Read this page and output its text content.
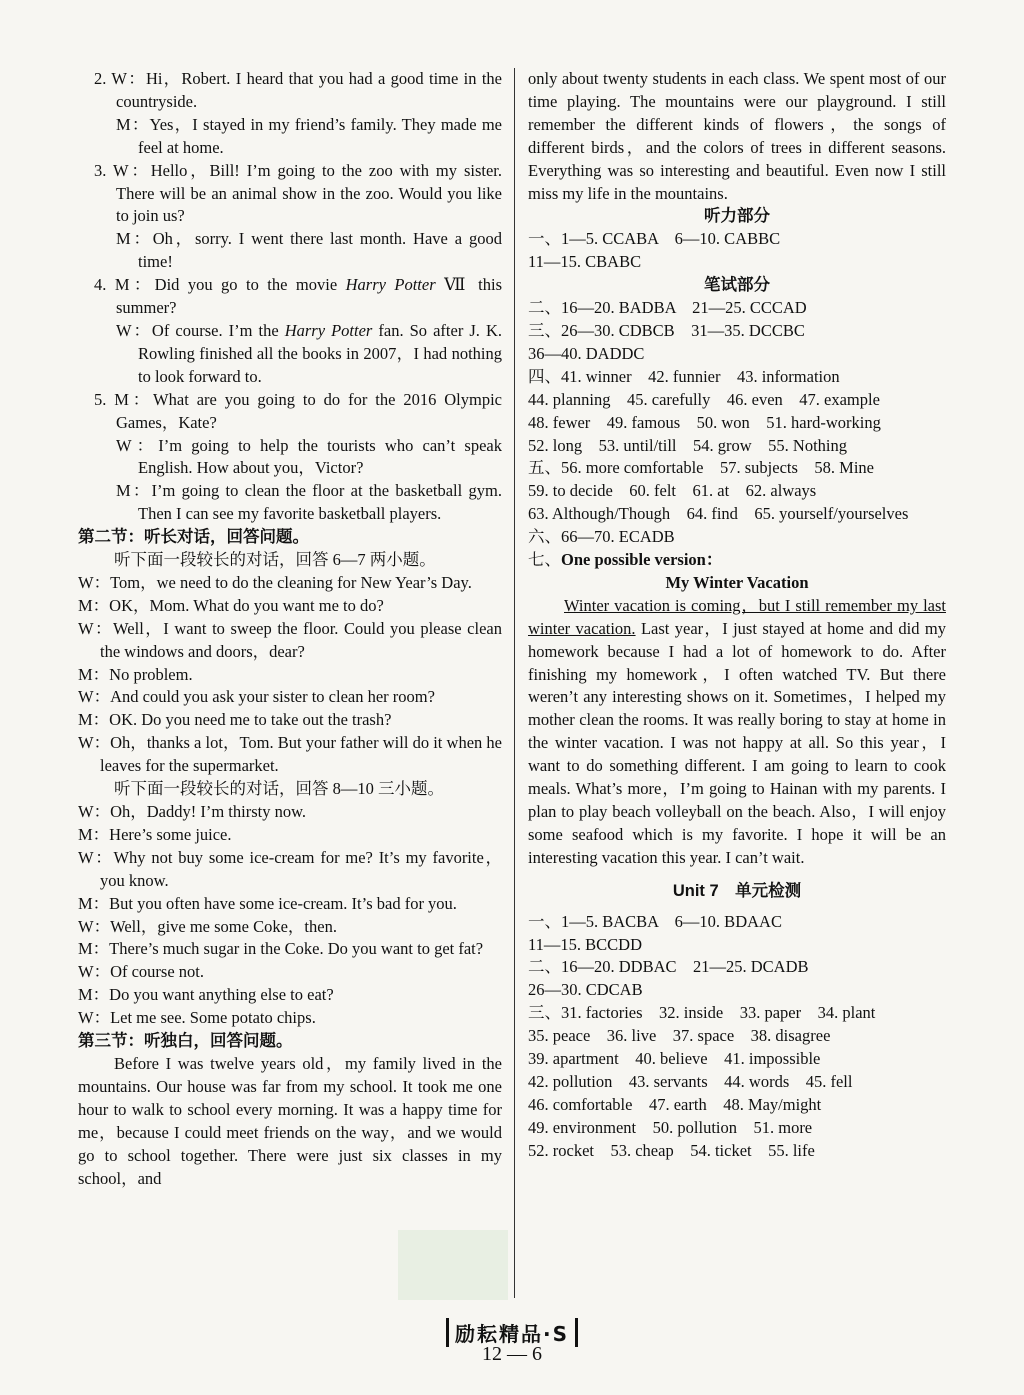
2. W：Hi，Robert. I heard that you had a good time in the countryside.

M：Yes，I stayed in my friend’s family. They made me feel at home.

3. W：Hello，Bill! I’m going to the zoo with my sister. There will be an animal show in the zoo. Would you like to join us?

M：Oh，sorry. I went there last month. Have a good time!

4. M：Did you go to the movie Harry Potter Ⅶ this summer?

W：Of course. I’m the Harry Potter fan. So after J. K. Rowling finished all the books in 2007，I had nothing to look forward to.

5. M：What are you going to do for the 2016 Olympic Games，Kate?

W：I’m going to help the tourists who can’t speak English. How about you，Victor?

M：I’m going to clean the floor at the basketball gym. Then I can see my favorite basketball players.

第二节：听长对话，回答问题。

听下面一段较长的对话，回答 6—7 两小题。

W：Tom，we need to do the cleaning for New Year’s Day.

M：OK，Mom. What do you want me to do?

W：Well，I want to sweep the floor. Could you please clean the windows and doors，dear?

M：No problem.

W：And could you ask your sister to clean her room?

M：OK. Do you need me to take out the trash?

W：Oh，thanks a lot，Tom. But your father will do it when he leaves for the supermarket.

听下面一段较长的对话，回答 8—10 三小题。

W：Oh，Daddy! I’m thirsty now.

M：Here’s some juice.

W：Why not buy some ice-cream for me? It’s my favorite，you know.

M：But you often have some ice-cream. It’s bad for you.

W：Well，give me some Coke，then.

M：There’s much sugar in the Coke. Do you want to get fat?

W：Of course not.

M：Do you want anything else to eat?

W：Let me see. Some potato chips.

第三节：听独白，回答问题。

Before I was twelve years old，my family lived in the mountains. Our house was far from my school. It took me one hour to walk to school every morning. It was a happy time for me，because I could meet friends on the way，and we would go to school together. There were just six classes in my school，and

only about twenty students in each class. We spent most of our time playing. The mountains were our playground. I still remember the different kinds of flowers，the songs of different birds，and the colors of trees in different seasons. Everything was so interesting and beautiful. Even now I still miss my life in the mountains.

听力部分

一、1—5. CCABA　6—10. CABBC

11—15. CBABC

笔试部分

二、16—20. BADBA　21—25. CCCAD

三、26—30. CDBCB　31—35. DCCBC

36—40. DADDC

四、41. winner　42. funnier　43. information

44. planning　45. carefully　46. even　47. example

48. fewer　49. famous　50. won　51. hard-working

52. long　53. until/till　54. grow　55. Nothing

五、56. more comfortable　57. subjects　58. Mine

59. to decide　60. felt　61. at　62. always

63. Although/Though　64. find　65. yourself/yourselves

六、66—70. ECADB

七、One possible version：

My Winter Vacation

Winter vacation is coming，but I still remember my last winter vacation. Last year，I just stayed at home and did my homework because I had a lot of homework to do. After finishing my homework，I often watched TV. But there weren’t any interesting shows on it. Sometimes，I helped my mother clean the rooms. It was really boring to stay at home in the winter vacation. I was not happy at all. So this year，I want to do something different. I am going to learn to cook meals. What’s more，I’m going to Hainan with my parents. I plan to play beach volleyball on the beach. Also，I will enjoy some seafood which is my favorite. I hope it will be an interesting vacation this year. I can’t wait.

Unit 7　单元检测

一、1—5. BACBA　6—10. BDAAC

11—15. BCCDD

二、16—20. DDBAC　21—25. DCADB

26—30. CDCAB

三、31. factories　32. inside　33. paper　34. plant

35. peace　36. live　37. space　38. disagree

39. apartment　40. believe　41. impossible

42. pollution　43. servants　44. words　45. fell

46. comfortable　47. earth　48. May/might

49. environment　50. pollution　51. more

52. rocket　53. cheap　54. ticket　55. life

励耘精品·S
12 — 6
